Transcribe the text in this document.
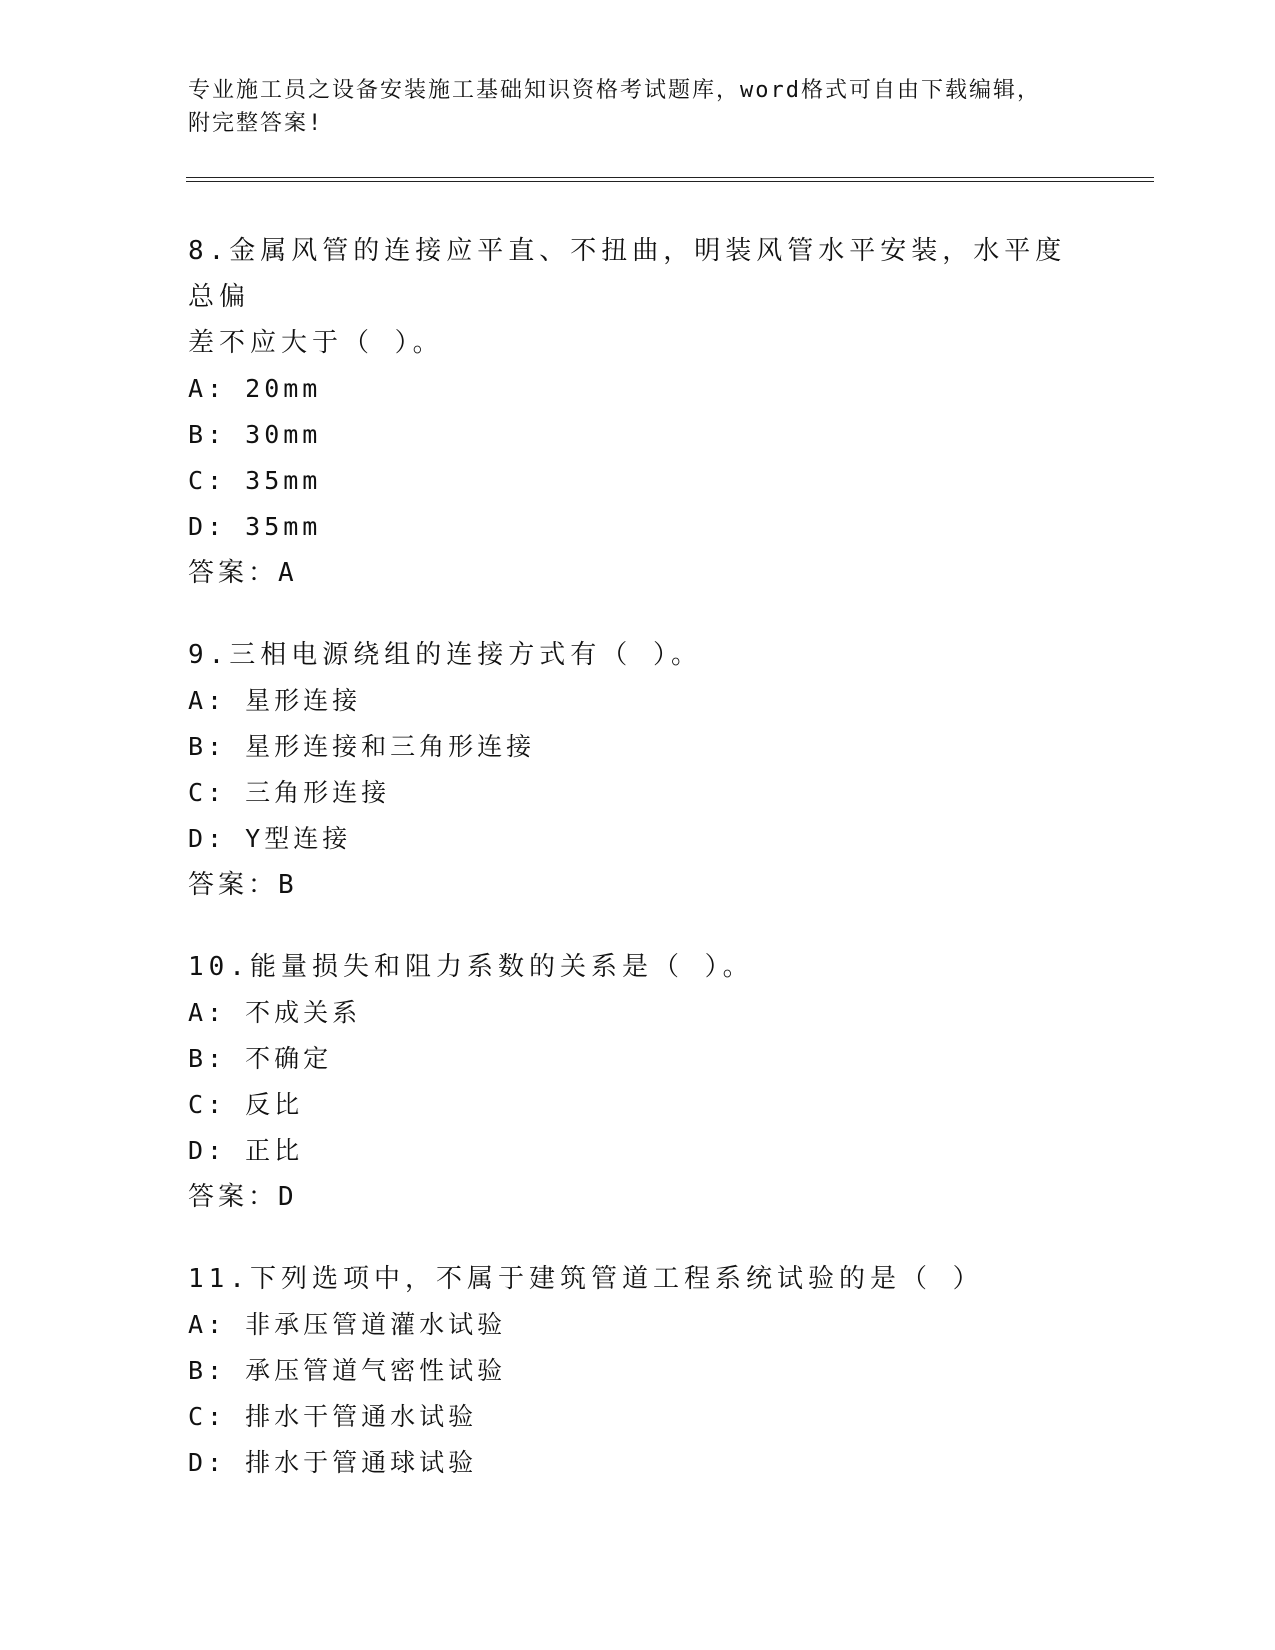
专业施工员之设备安装施工基础知识资格考试题库，word格式可自由下载编辑，
附完整答案!
8.金属风管的连接应平直、不扭曲，明装风管水平安装，水平度总偏
差不应大于（ ）。
A: 20mm
B: 30mm
C: 35mm
D: 35mm
答案：A
9.三相电源绕组的连接方式有（ ）。
A: 星形连接
B: 星形连接和三角形连接
C: 三角形连接
D: Y型连接
答案：B
10.能量损失和阻力系数的关系是（ ）。
A: 不成关系
B: 不确定
C: 反比
D: 正比
答案：D
11.下列选项中，不属于建筑管道工程系统试验的是（ ）
A: 非承压管道灌水试验
B: 承压管道气密性试验
C: 排水干管通水试验
D: 排水于管通球试验
